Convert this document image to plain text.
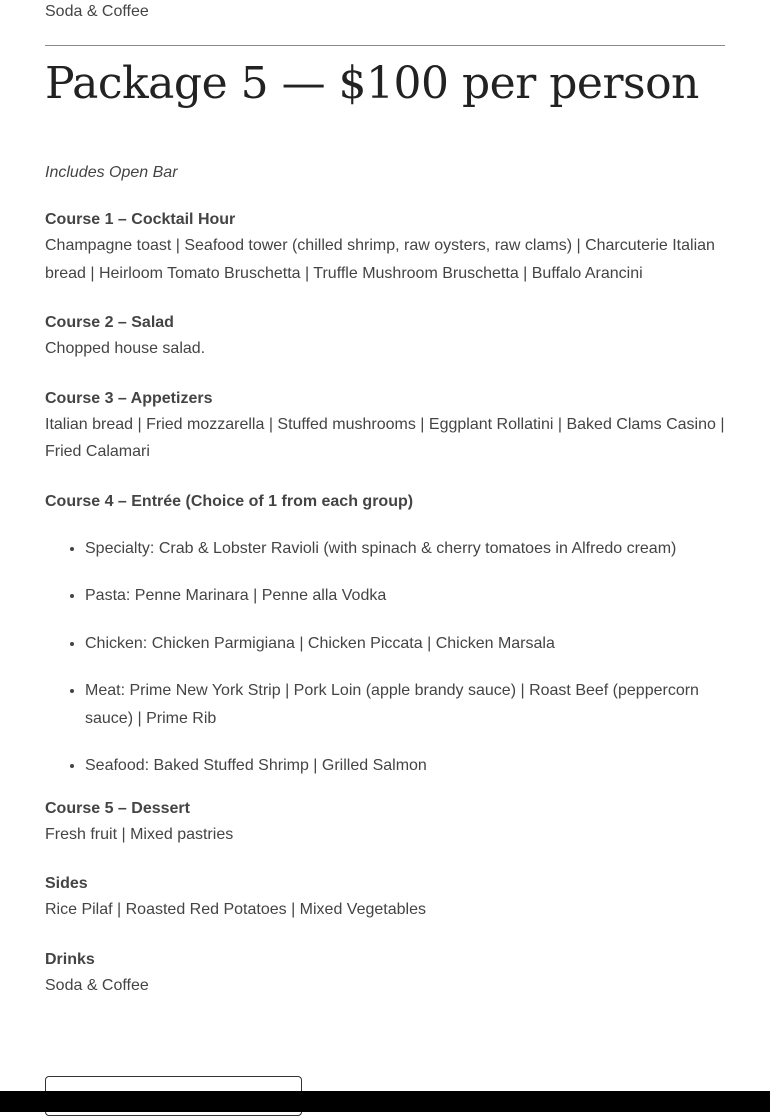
Soda & Coffee

Package 5 — $100 per person

Includes Open Bar

Course 1 – Cocktail Hour

Champagne toast | Seafood tower (chilled shrimp, raw oysters, raw clams) | Charcuterie Italian bread | Heirloom Tomato Bruschetta | Truffle Mushroom Bruschetta | Buffalo Arancini

Course 2 – Salad

Chopped house salad.

Course 3 – Appetizers

Italian bread | Fried mozzarella | Stuffed mushrooms | Eggplant Rollatini | Baked Clams Casino | Fried Calamari

Course 4 – Entrée (Choice of 1 from each group)

• Specialty: Crab & Lobster Ravioli (with spinach & cherry tomatoes in Alfredo cream)
• Pasta: Penne Marinara | Penne alla Vodka
• Chicken: Chicken Parmigiana | Chicken Piccata | Chicken Marsala
• Meat: Prime New York Strip | Pork Loin (apple brandy sauce) | Roast Beef (peppercorn sauce) | Prime Rib
• Seafood: Baked Stuffed Shrimp | Grilled Salmon

Course 5 – Dessert

Fresh fruit | Mixed pastries

Sides

Rice Pilaf | Roasted Red Potatoes | Mixed Vegetables

Drinks

Soda & Coffee
